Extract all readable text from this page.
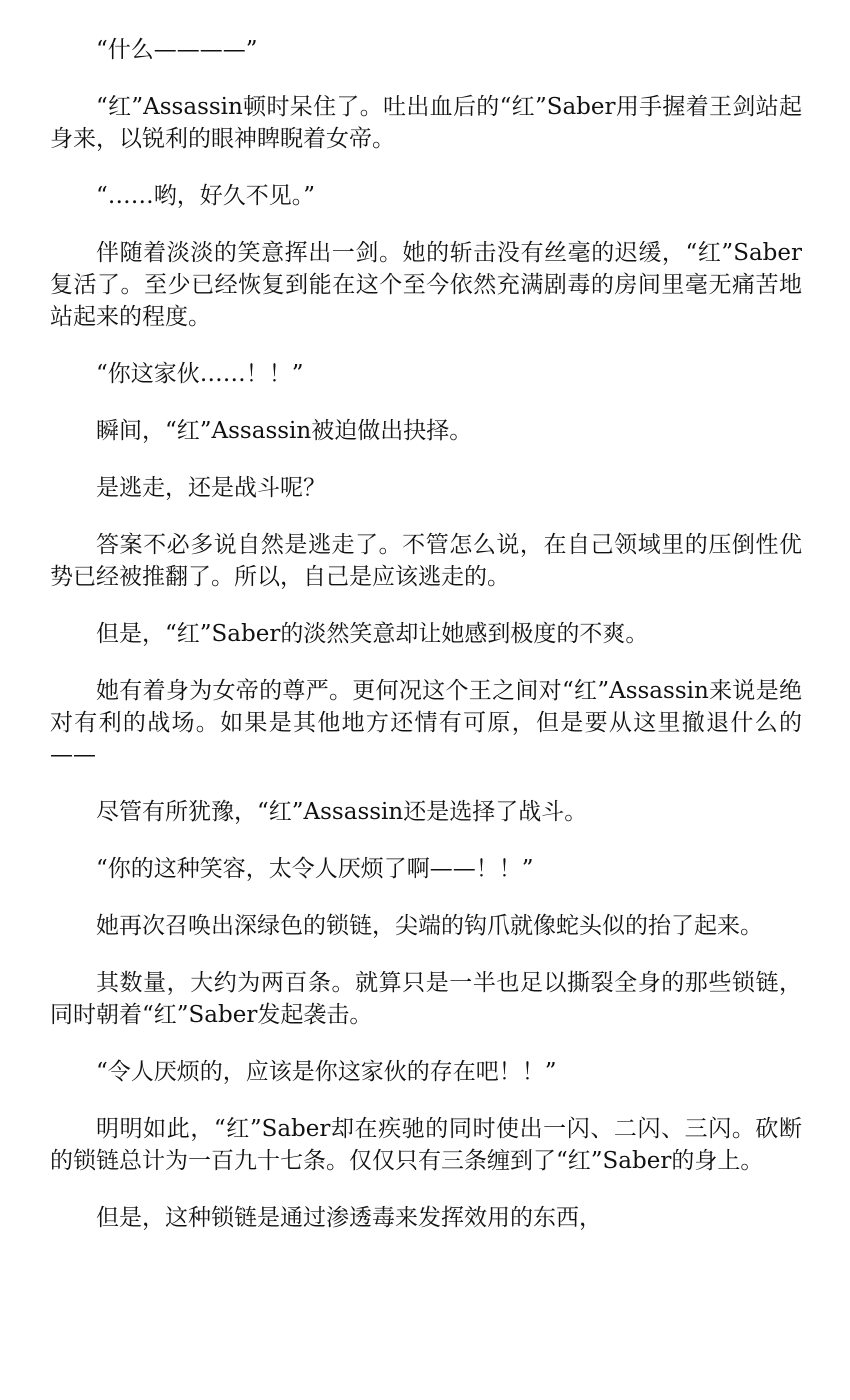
“什么————”

“红”Assassin顿时呆住了。吐出血后的“红”Saber用手握着王剑站起身来，以锐利的眼神睥睨着女帝。

“……哟，好久不见。”

伴随着淡淡的笑意挥出一剑。她的斩击没有丝毫的迟缓，“红”Saber复活了。至少已经恢复到能在这个至今依然充满剧毒的房间里毫无痛苦地站起来的程度。

“你这家伙……！！”

瞬间，“红”Assassin被迫做出抉择。

是逃走，还是战斗呢？

答案不必多说自然是逃走了。不管怎么说，在自己领域里的压倒性优势已经被推翻了。所以，自己是应该逃走的。

但是，“红”Saber的淡然笑意却让她感到极度的不爽。

她有着身为女帝的尊严。更何况这个王之间对“红”Assassin来说是绝对有利的战场。如果是其他地方还情有可原，但是要从这里撤退什么的——

尽管有所犹豫，“红”Assassin还是选择了战斗。

“你的这种笑容，太令人厌烦了啊——！！”

她再次召唤出深绿色的锁链，尖端的钩爪就像蛇头似的抬了起来。

其数量，大约为两百条。就算只是一半也足以撕裂全身的那些锁链，同时朝着“红”Saber发起袭击。

“令人厌烦的，应该是你这家伙的存在吧！！”

明明如此，“红”Saber却在疾驰的同时使出一闪、二闪、三闪。砍断的锁链总计为一百九十七条。仅仅只有三条缠到了“红”Saber的身上。

但是，这种锁链是通过渗透毒来发挥效用的东西，
